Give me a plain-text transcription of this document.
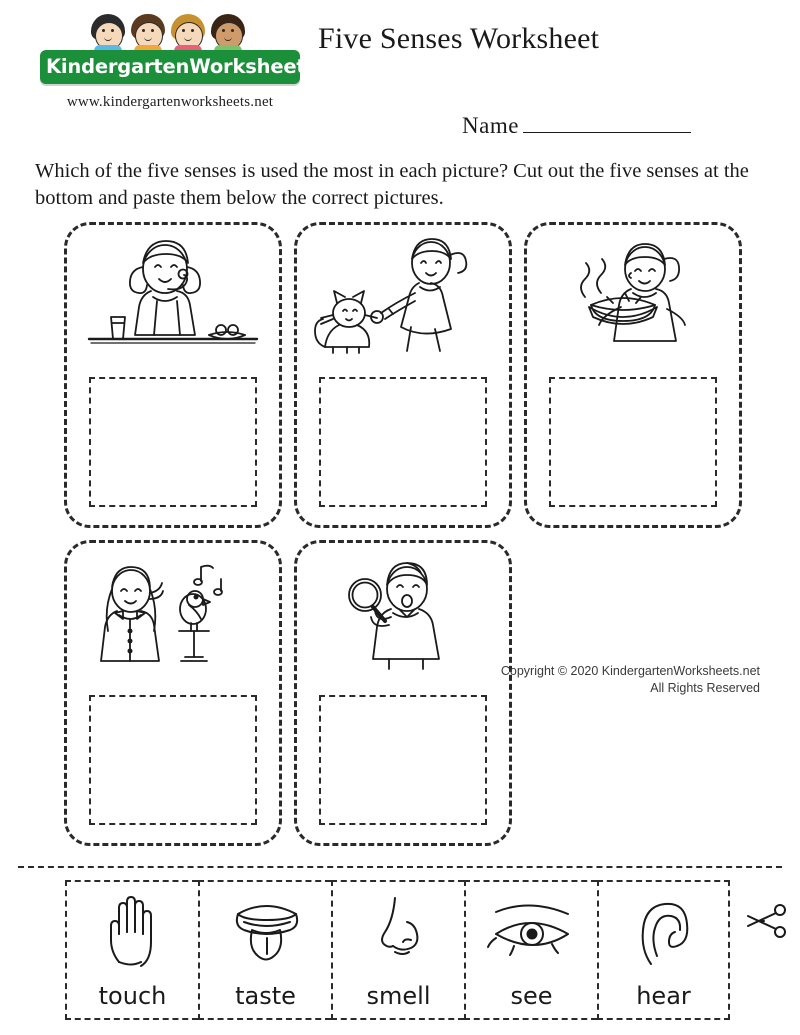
KindergartenWorksheets.net
www.kindergartenworksheets.net
Five Senses Worksheet
Name
Which of the five senses is used the most in each picture? Cut out the five senses at the bottom and paste them below the correct pictures.
Copyright © 2020 KindergartenWorksheets.net
All Rights Reserved
touch	taste	smell	see	hear
